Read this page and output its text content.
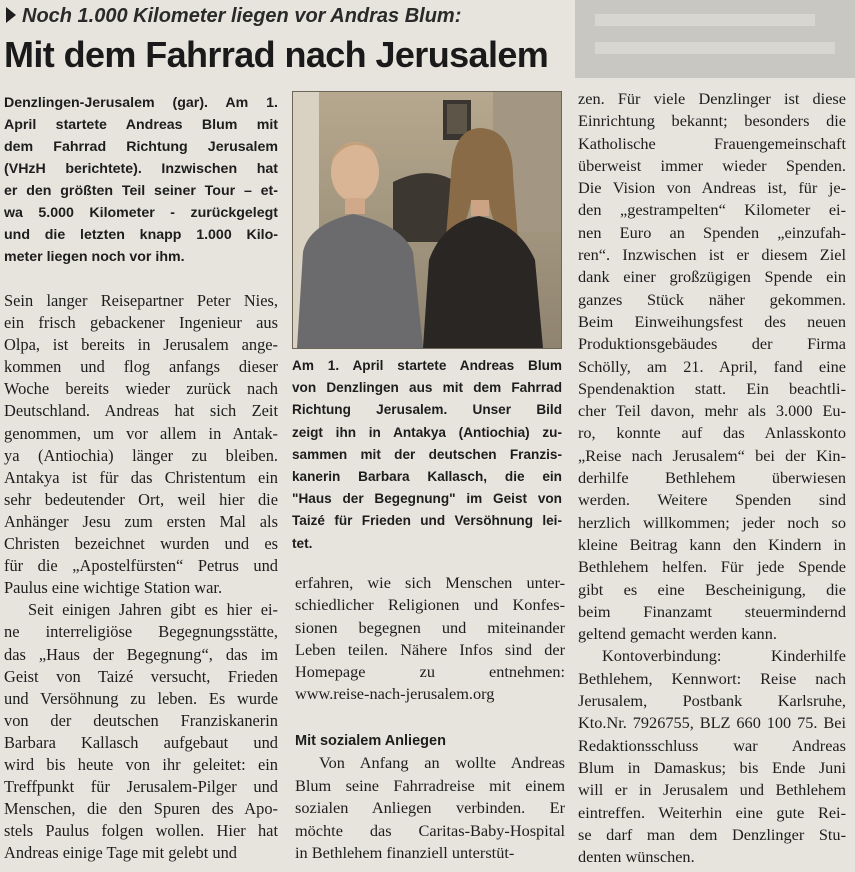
Noch 1.000 Kilometer liegen vor Andras Blum:
Mit dem Fahrrad nach Jerusalem
Denzlingen-Jerusalem (gar). Am 1.
April startete Andreas Blum mit
dem Fahrrad Richtung Jerusalem
(VHzH berichtete). Inzwischen hat
er den größten Teil seiner Tour – et-
wa 5.000 Kilometer - zurückgelegt
und die letzten knapp 1.000 Kilo-
meter liegen noch vor ihm.
Sein langer Reisepartner Peter Nies,
ein frisch gebackener Ingenieur aus
Olpa, ist bereits in Jerusalem ange-
kommen und flog anfangs dieser
Woche bereits wieder zurück nach
Deutschland. Andreas hat sich Zeit
genommen, um vor allem in Antak-
ya (Antiochia) länger zu bleiben.
Antakya ist für das Christentum ein
sehr bedeutender Ort, weil hier die
Anhänger Jesu zum ersten Mal als
Christen bezeichnet wurden und es
für die „Apostelfürsten“ Petrus und
Paulus eine wichtige Station war.
Seit einigen Jahren gibt es hier ei-
ne interreligiöse Begegnungsstätte,
das „Haus der Begegnung“, das im
Geist von Taizé versucht, Frieden
und Versöhnung zu leben. Es wurde
von der deutschen Franziskanerin
Barbara Kallasch aufgebaut und
wird bis heute von ihr geleitet: ein
Treffpunkt für Jerusalem-Pilger und
Menschen, die den Spuren des Apo-
stels Paulus folgen wollen. Hier hat
Andreas einige Tage mit gelebt und
Am 1. April startete Andreas Blum
von Denzlingen aus mit dem Fahrrad
Richtung Jerusalem. Unser Bild
zeigt ihn in Antakya (Antiochia) zu-
sammen mit der deutschen Franzis-
kanerin Barbara Kallasch, die ein
"Haus der Begegnung" im Geist von
Taizé für Frieden und Versöhnung lei-
tet.
erfahren, wie sich Menschen unter-
schiedlicher Religionen und Konfes-
sionen begegnen und miteinander
Leben teilen. Nähere Infos sind der
Homepage zu entnehmen:
www.reise-nach-jerusalem.org
Mit sozialem Anliegen
Von Anfang an wollte Andreas
Blum seine Fahrradreise mit einem
sozialen Anliegen verbinden. Er
möchte das Caritas-Baby-Hospital
in Bethlehem finanziell unterstüt-
zen. Für viele Denzlinger ist diese
Einrichtung bekannt; besonders die
Katholische Frauengemeinschaft
überweist immer wieder Spenden.
Die Vision von Andreas ist, für je-
den „gestrampelten“ Kilometer ei-
nen Euro an Spenden „einzufah-
ren“. Inzwischen ist er diesem Ziel
dank einer großzügigen Spende ein
ganzes Stück näher gekommen.
Beim Einweihungsfest des neuen
Produktionsgebäudes der Firma
Schölly, am 21. April, fand eine
Spendenaktion statt. Ein beachtli-
cher Teil davon, mehr als 3.000 Eu-
ro, konnte auf das Anlasskonto
„Reise nach Jerusalem“ bei der Kin-
derhilfe Bethlehem überwiesen
werden. Weitere Spenden sind
herzlich willkommen; jeder noch so
kleine Beitrag kann den Kindern in
Bethlehem helfen. Für jede Spende
gibt es eine Bescheinigung, die
beim Finanzamt steuermindernd
geltend gemacht werden kann.
Kontoverbindung: Kinderhilfe
Bethlehem, Kennwort: Reise nach
Jerusalem, Postbank Karlsruhe,
Kto.Nr. 7926755, BLZ 660 100 75. Bei
Redaktionsschluss war Andreas
Blum in Damaskus; bis Ende Juni
will er in Jerusalem und Bethlehem
eintreffen. Weiterhin eine gute Rei-
se darf man dem Denzlinger Stu-
denten wünschen.
